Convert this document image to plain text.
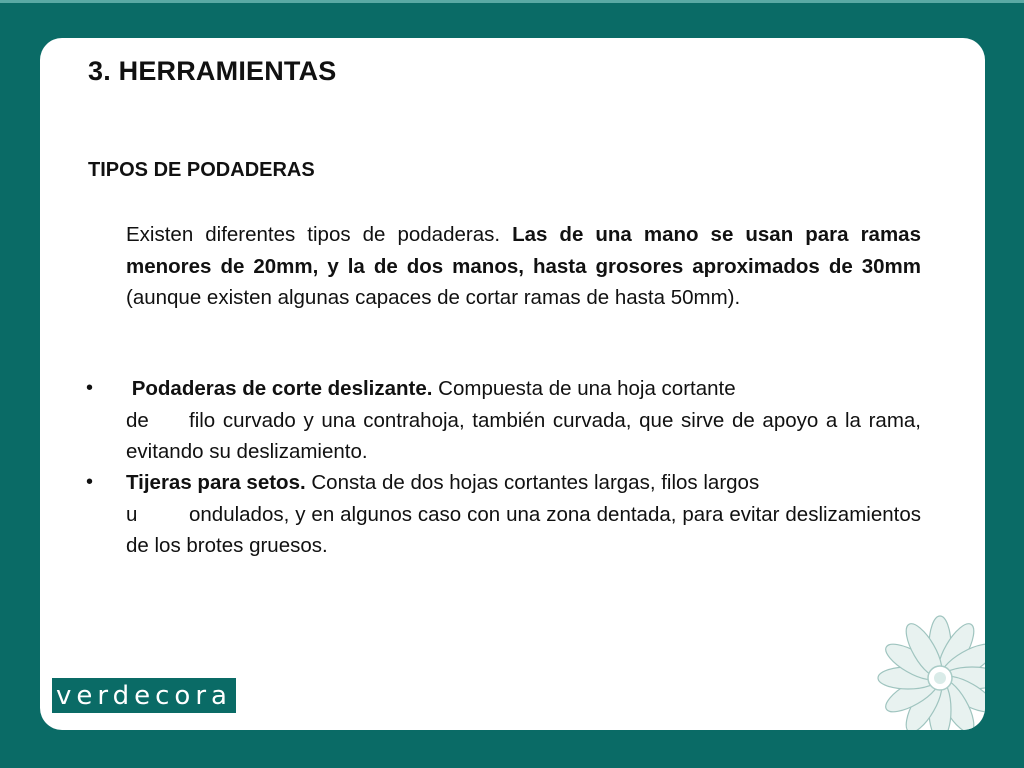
3. HERRAMIENTAS
TIPOS DE PODADERAS

Existen diferentes tipos de podaderas. Las de una mano se usan para ramas menores de 20mm, y la de dos manos, hasta grosores aproximados de 30mm (aunque existen algunas capaces de cortar ramas de hasta 50mm).

• Podaderas de corte deslizante. Compuesta de una hoja cortante
de filo curvado y una contrahoja, también curvada, que sirve de apoyo a la rama, evitando su deslizamiento.

• Tijeras para setos. Consta de dos hojas cortantes largas, filos largos
u	ondulados, y en algunos caso con una zona dentada, para evitar deslizamientos de los brotes gruesos.

verdecora
